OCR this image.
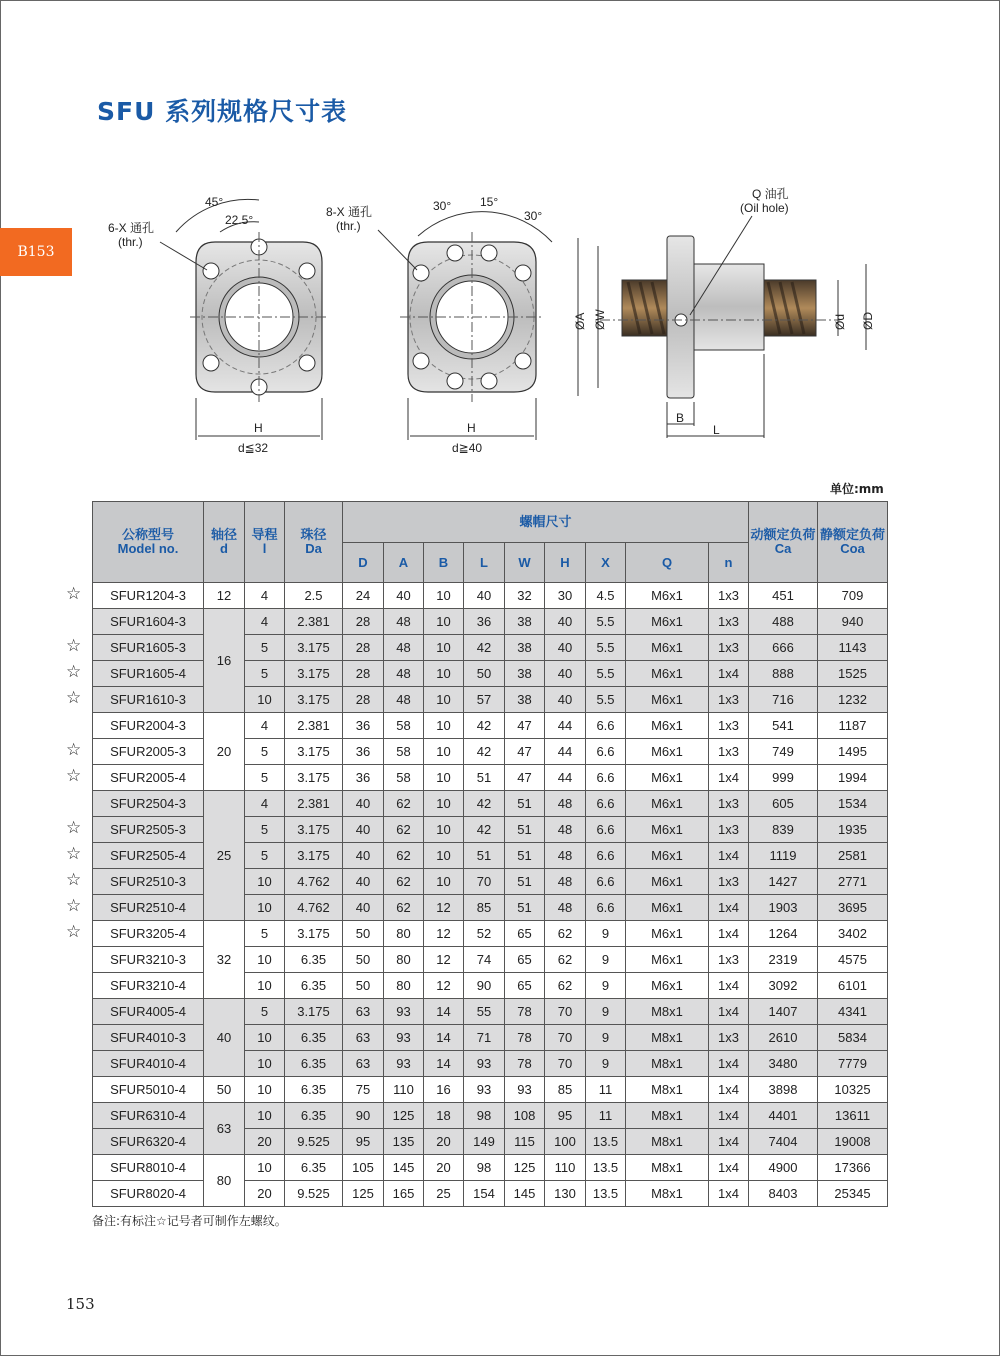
SFU 系列规格尺寸表
B153
45°
22.5°
6-X 通孔
(thr.)
H
d≦32
30° 15°
30°
8-X 通孔
(thr.)
H
d≧40
Q 油孔
(Oil hole)
ØA ØW	Ød ØD
B
L
单位:mm
公称型号
Model no.	轴径
d	导程
l	珠径
Da	螺帽尺寸									动额定负荷
Ca	静额定负荷
Coa
				D	A	B	L	W	H	X	Q	n		
SFUR1204-3	12	4	2.5	24	40	10	40	32	30	4.5	M6x1	1x3	451	709
SFUR1604-3	16	4	2.381	28	48	10	36	38	40	5.5	M6x1	1x3	488	940
SFUR1605-3		5	3.175	28	48	10	42	38	40	5.5	M6x1	1x3	666	1143
SFUR1605-4		5	3.175	28	48	10	50	38	40	5.5	M6x1	1x4	888	1525
SFUR1610-3		10	3.175	28	48	10	57	38	40	5.5	M6x1	1x3	716	1232
SFUR2004-3	20	4	2.381	36	58	10	42	47	44	6.6	M6x1	1x3	541	1187
SFUR2005-3		5	3.175	36	58	10	42	47	44	6.6	M6x1	1x3	749	1495
SFUR2005-4		5	3.175	36	58	10	51	47	44	6.6	M6x1	1x4	999	1994
SFUR2504-3	25	4	2.381	40	62	10	42	51	48	6.6	M6x1	1x3	605	1534
SFUR2505-3		5	3.175	40	62	10	42	51	48	6.6	M6x1	1x3	839	1935
SFUR2505-4		5	3.175	40	62	10	51	51	48	6.6	M6x1	1x4	1119	2581
SFUR2510-3		10	4.762	40	62	10	70	51	48	6.6	M6x1	1x3	1427	2771
SFUR2510-4		10	4.762	40	62	12	85	51	48	6.6	M6x1	1x4	1903	3695
SFUR3205-4	32	5	3.175	50	80	12	52	65	62	9	M6x1	1x4	1264	3402
SFUR3210-3		10	6.35	50	80	12	74	65	62	9	M6x1	1x3	2319	4575
SFUR3210-4		10	6.35	50	80	12	90	65	62	9	M6x1	1x4	3092	6101
SFUR4005-4	40	5	3.175	63	93	14	55	78	70	9	M8x1	1x4	1407	4341
SFUR4010-3		10	6.35	63	93	14	71	78	70	9	M8x1	1x3	2610	5834
SFUR4010-4		10	6.35	63	93	14	93	78	70	9	M8x1	1x4	3480	7779
SFUR5010-4	50	10	6.35	75	110	16	93	93	85	11	M8x1	1x4	3898	10325
SFUR6310-4	63	10	6.35	90	125	18	98	108	95	11	M8x1	1x4	4401	13611
SFUR6320-4		20	9.525	95	135	20	149	115	100	13.5	M8x1	1x4	7404	19008
SFUR8010-4	80	10	6.35	105	145	20	98	125	110	13.5	M8x1	1x4	4900	17366
SFUR8020-4		20	9.525	125	165	25	154	145	130	13.5	M8x1	1x4	8403	25345
☆
☆
☆
☆
☆
☆
☆
☆
☆
☆
☆
备注:有标注☆记号者可制作左螺纹。
153
